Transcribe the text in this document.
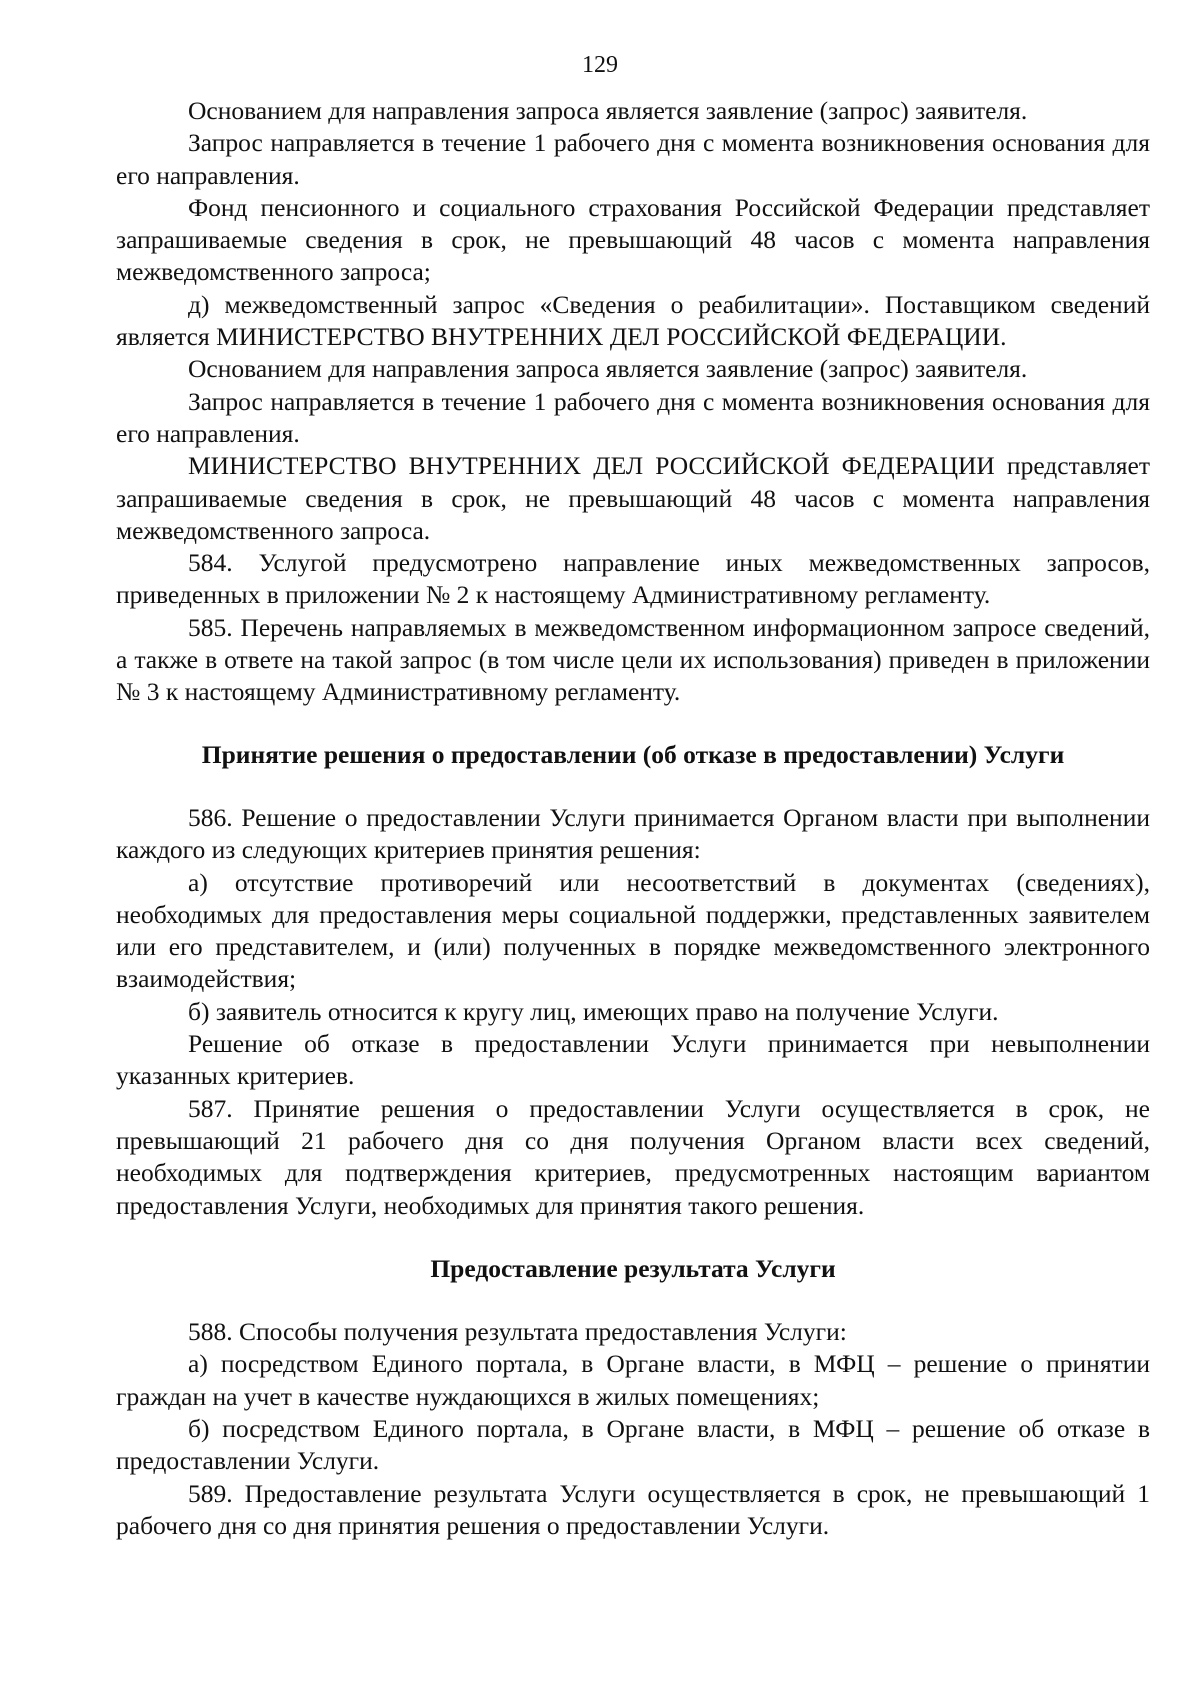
129

Основанием для направления запроса является заявление (запрос) заявителя.

Запрос направляется в течение 1 рабочего дня с момента возникновения основания для его направления.

Фонд пенсионного и социального страхования Российской Федерации представляет запрашиваемые сведения в срок, не превышающий 48 часов с момента направления межведомственного запроса;

д) межведомственный запрос «Сведения о реабилитации». Поставщиком сведений является МИНИСТЕРСТВО ВНУТРЕННИХ ДЕЛ РОССИЙСКОЙ ФЕДЕРАЦИИ.

Основанием для направления запроса является заявление (запрос) заявителя.

Запрос направляется в течение 1 рабочего дня с момента возникновения основания для его направления.

МИНИСТЕРСТВО ВНУТРЕННИХ ДЕЛ РОССИЙСКОЙ ФЕДЕРАЦИИ представляет запрашиваемые сведения в срок, не превышающий 48 часов с момента направления межведомственного запроса.

584. Услугой предусмотрено направление иных межведомственных запросов, приведенных в приложении № 2 к настоящему Административному регламенту.

585. Перечень направляемых в межведомственном информационном запросе сведений, а также в ответе на такой запрос (в том числе цели их использования) приведен в приложении № 3 к настоящему Административному регламенту.

Принятие решения о предоставлении (об отказе в предоставлении) Услуги

586. Решение о предоставлении Услуги принимается Органом власти при выполнении каждого из следующих критериев принятия решения:

а) отсутствие противоречий или несоответствий в документах (сведениях), необходимых для предоставления меры социальной поддержки, представленных заявителем или его представителем, и (или) полученных в порядке межведомственного электронного взаимодействия;

б) заявитель относится к кругу лиц, имеющих право на получение Услуги.

Решение об отказе в предоставлении Услуги принимается при невыполнении указанных критериев.

587. Принятие решения о предоставлении Услуги осуществляется в срок, не превышающий 21 рабочего дня со дня получения Органом власти всех сведений, необходимых для подтверждения критериев, предусмотренных настоящим вариантом предоставления Услуги, необходимых для принятия такого решения.

Предоставление результата Услуги

588. Способы получения результата предоставления Услуги:

а) посредством Единого портала, в Органе власти, в МФЦ – решение о принятии граждан на учет в качестве нуждающихся в жилых помещениях;

б) посредством Единого портала, в Органе власти, в МФЦ – решение об отказе в предоставлении Услуги.

589. Предоставление результата Услуги осуществляется в срок, не превышающий 1 рабочего дня со дня принятия решения о предоставлении Услуги.
